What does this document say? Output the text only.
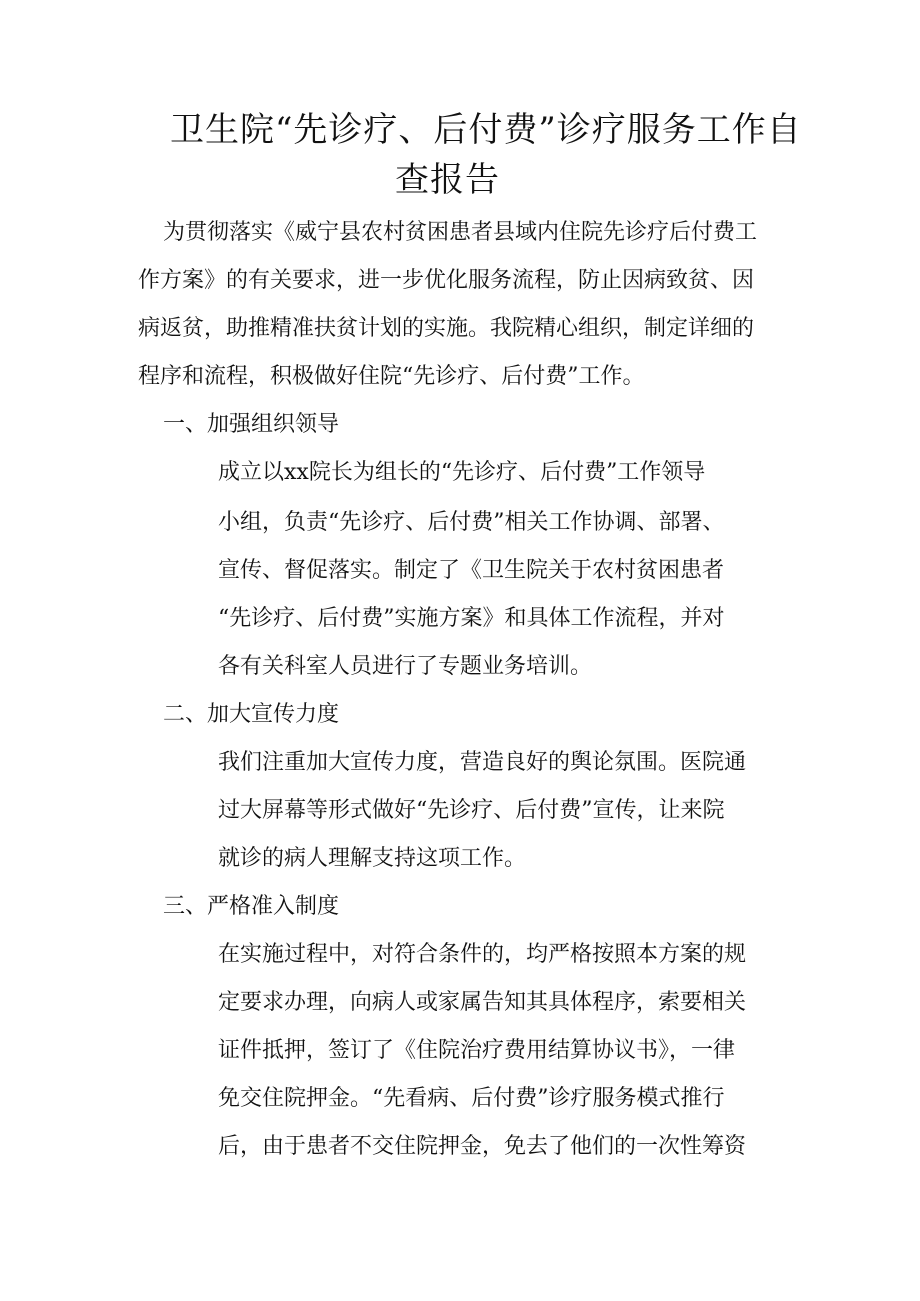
卫生院“先诊疗、后付费”诊疗服务工作自
查报告
为贯彻落实《威宁县农村贫困患者县域内住院先诊疗后付费工
作方案》的有关要求，进一步优化服务流程，防止因病致贫、因
病返贫，助推精准扶贫计划的实施。我院精心组织，制定详细的
程序和流程，积极做好住院“先诊疗、后付费”工作。
一、加强组织领导
成立以xx院长为组长的“先诊疗、后付费”工作领导
小组，负责“先诊疗、后付费”相关工作协调、部署、
宣传、督促落实。制定了《卫生院关于农村贫困患者
“先诊疗、后付费”实施方案》和具体工作流程，并对
各有关科室人员进行了专题业务培训。
二、加大宣传力度
我们注重加大宣传力度，营造良好的舆论氛围。医院通
过大屏幕等形式做好“先诊疗、后付费”宣传，让来院
就诊的病人理解支持这项工作。
三、严格准入制度
在实施过程中，对符合条件的，均严格按照本方案的规
定要求办理，向病人或家属告知其具体程序，索要相关
证件抵押，签订了《住院治疗费用结算协议书》，一律
免交住院押金。“先看病、后付费”诊疗服务模式推行
后，由于患者不交住院押金，免去了他们的一次性筹资
